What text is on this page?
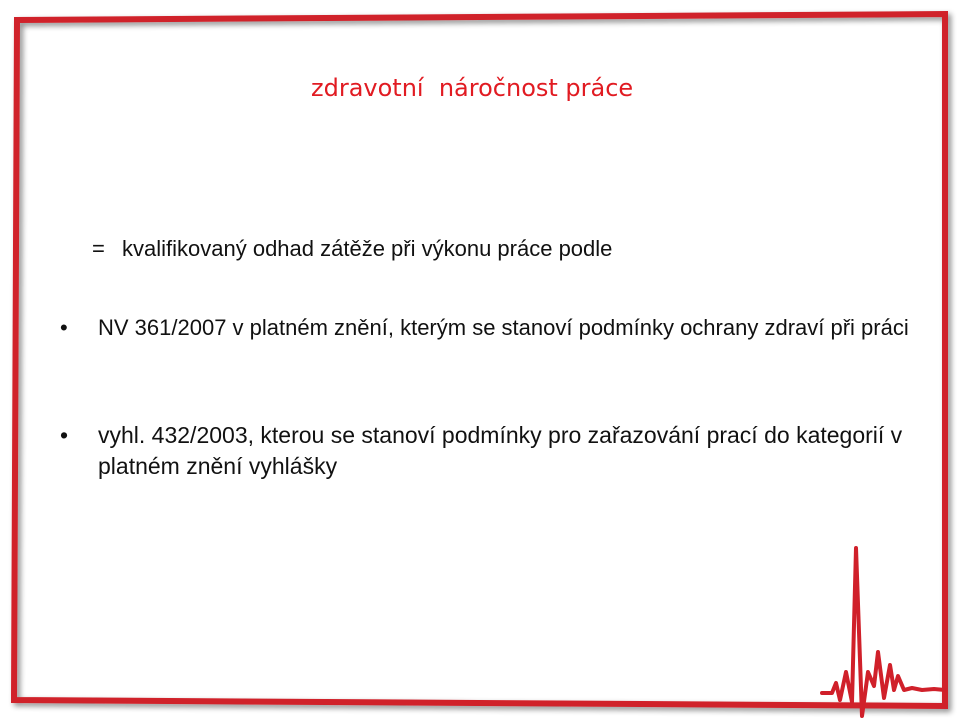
zdravotní  náročnost práce
= kvalifikovaný odhad zátěže při výkonu práce podle
•	NV 361/2007 v platném znění, kterým se stanoví podmínky ochrany zdraví při práci
•	vyhl. 432/2003, kterou se stanoví podmínky pro zařazování prací do kategorií v platném znění vyhlášky
